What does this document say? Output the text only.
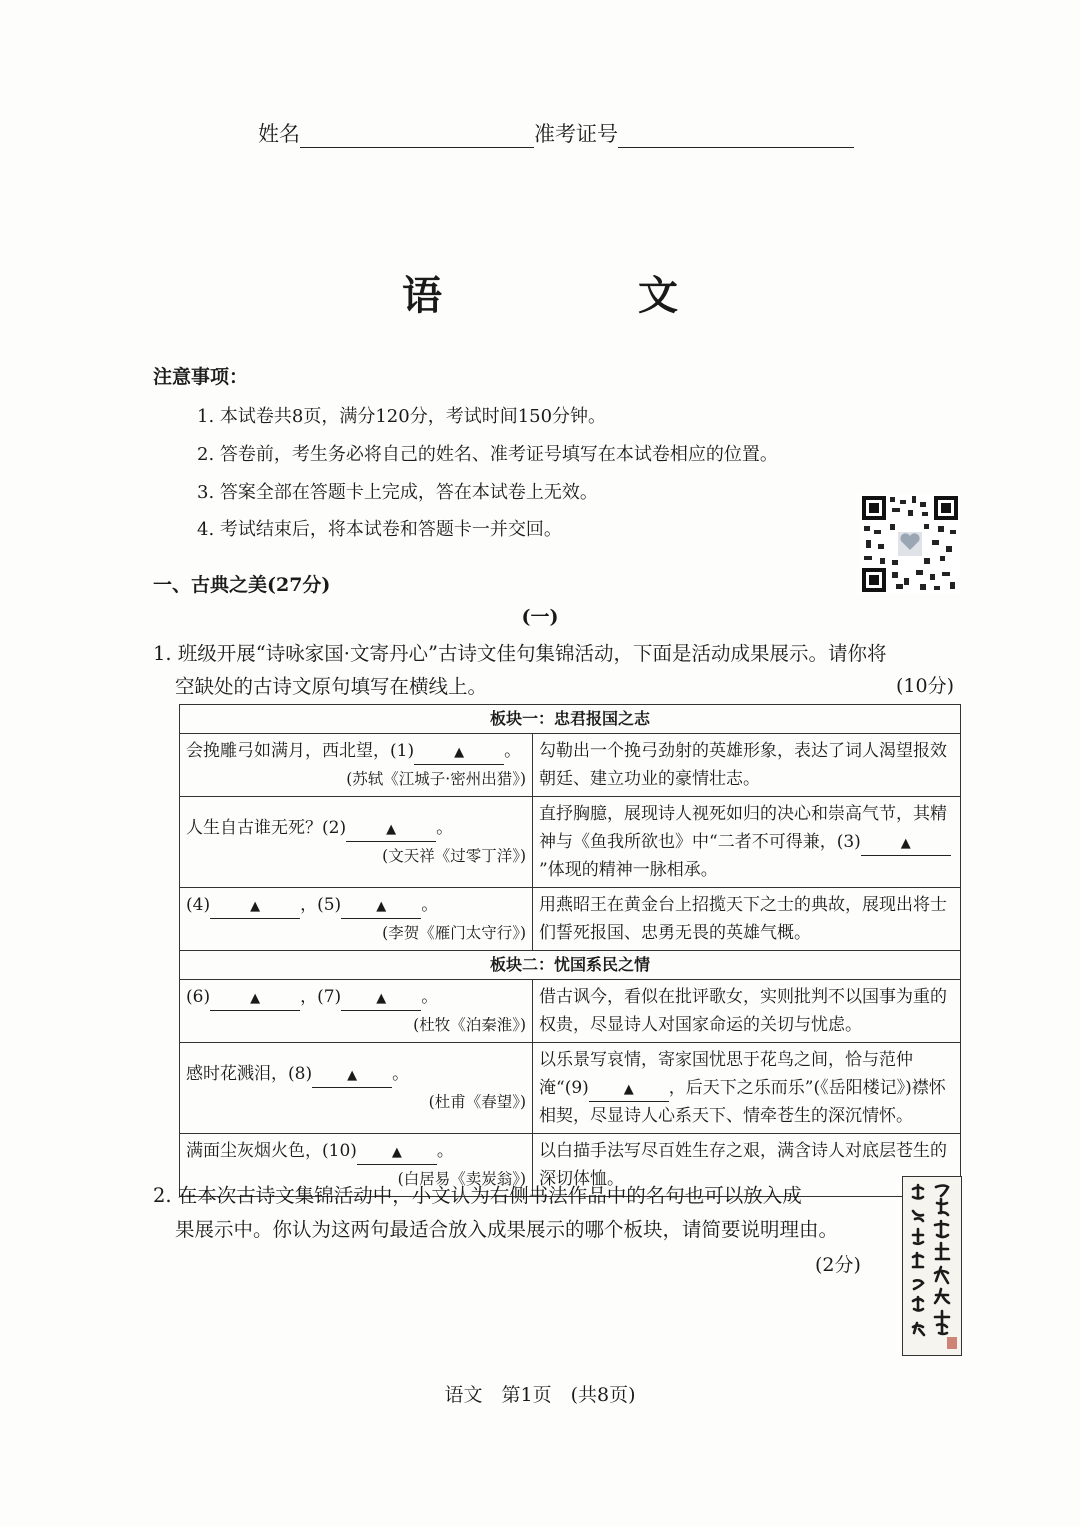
姓名	准考证号
语　文
注意事项：
1. 本试卷共8页，满分120分，考试时间150分钟。
2. 答卷前，考生务必将自己的姓名、准考证号填写在本试卷相应的位置。
3. 答案全部在答题卡上完成，答在本试卷上无效。
4. 考试结束后，将本试卷和答题卡一并交回。
一、古典之美(27分)
(一)
1. 班级开展“诗咏家国·文寄丹心”古诗文佳句集锦活动，下面是活动成果展示。请你将
空缺处的古诗文原句填写在横线上。	(10分)
板块一：忠君报国之志	

会挽雕弓如满月，西北望，(1) ▲ 。
(苏轼《江城子·密州出猎》)	勾勒出一个挽弓劲射的英雄形象，表达了词人渴望报效朝廷、建立功业的豪情壮志。

人生自古谁无死？(2) ▲ 。
(文天祥《过零丁洋》)	直抒胸臆，展现诗人视死如归的决心和崇高气节，其精神与《鱼我所欲也》中“二者不可得兼，(3) ▲”体现的精神一脉相承。

(4) ▲ ，(5) ▲ 。
(李贺《雁门太守行》)	用燕昭王在黄金台上招揽天下之士的典故，展现出将士们誓死报国、忠勇无畏的英雄气概。
板块二：忧国系民之情	

(6) ▲ ，(7) ▲ 。
(杜牧《泊秦淮》)	借古讽今，看似在批评歌女，实则批判不以国事为重的权贵，尽显诗人对国家命运的关切与忧虑。

感时花溅泪，(8) ▲ 。
(杜甫《春望》)	以乐景写哀情，寄家国忧思于花鸟之间，恰与范仲淹“(9) ▲ ，后天下之乐而乐”(《岳阳楼记》)襟怀相契，尽显诗人心系天下、情牵苍生的深沉情怀。

满面尘灰烟火色，(10) ▲ 。
(白居易《卖炭翁》)	以白描手法写尽百姓生存之艰，满含诗人对底层苍生的深切体恤。
2. 在本次古诗文集锦活动中，小文认为右侧书法作品中的名句也可以放入成
果展示中。你认为这两句最适合放入成果展示的哪个板块，请简要说明理由。
(2分)
语文　第1页　(共8页)
